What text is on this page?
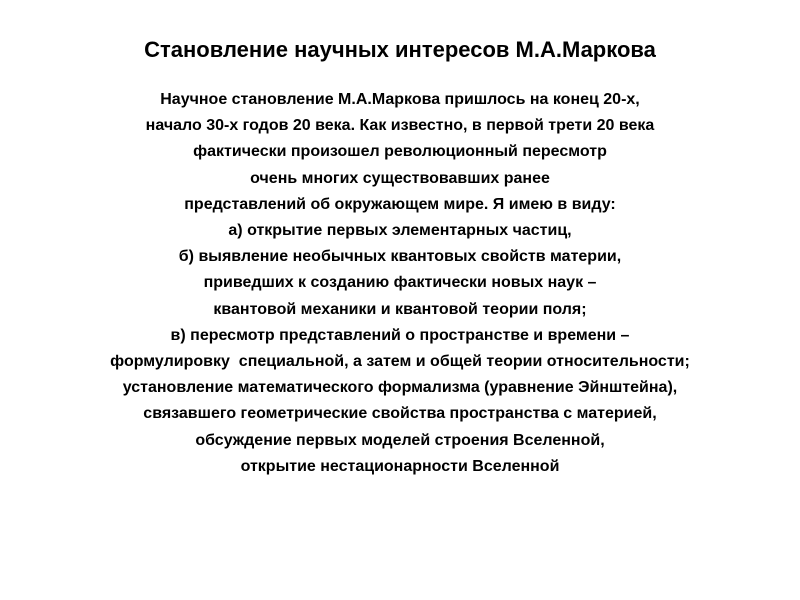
Становление научных интересов М.А.Маркова
Научное становление М.А.Маркова пришлось на конец 20-х,
начало 30-х годов 20 века. Как известно, в первой трети 20 века
фактически произошел революционный пересмотр
очень многих существовавших ранее
представлений об окружающем мире. Я имею в виду:
а) открытие первых элементарных частиц,
б) выявление необычных квантовых свойств материи,
приведших к созданию фактически новых наук –
квантовой механики и квантовой теории поля;
в) пересмотр представлений о пространстве и времени –
формулировку  специальной, а затем и общей теории относительности;
установление математического формализма (уравнение Эйнштейна),
связавшего геометрические свойства пространства с материей,
обсуждение первых моделей строения Вселенной,
открытие нестационарности Вселенной
